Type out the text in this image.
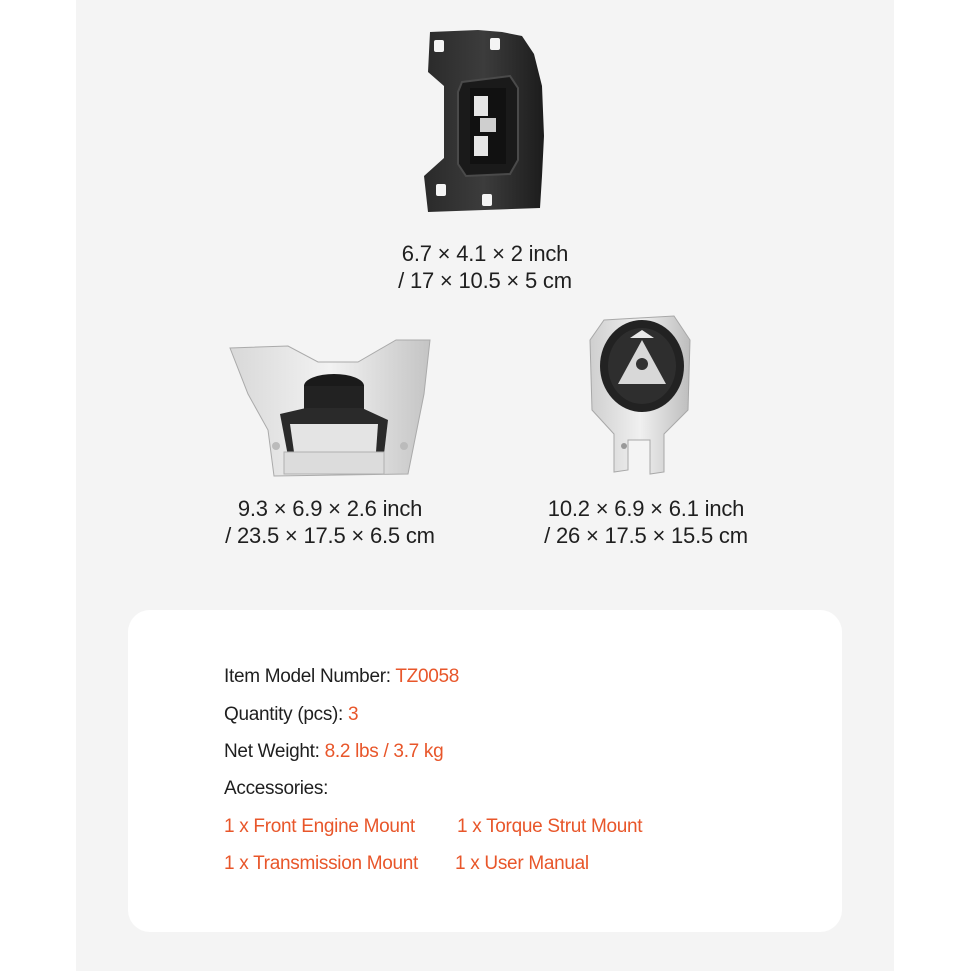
6.7 × 4.1 × 2 inch
/ 17 × 10.5 × 5 cm
9.3 × 6.9 × 2.6 inch
/ 23.5 × 17.5 × 6.5 cm
10.2 × 6.9 × 6.1 inch
/ 26 × 17.5 × 15.5 cm
Item Model Number: TZ0058
Quantity (pcs): 3
Net Weight: 8.2 lbs / 3.7 kg
Accessories:
1 x Front Engine Mount 1 x Torque Strut Mount
1 x Transmission Mount 1 x User Manual
